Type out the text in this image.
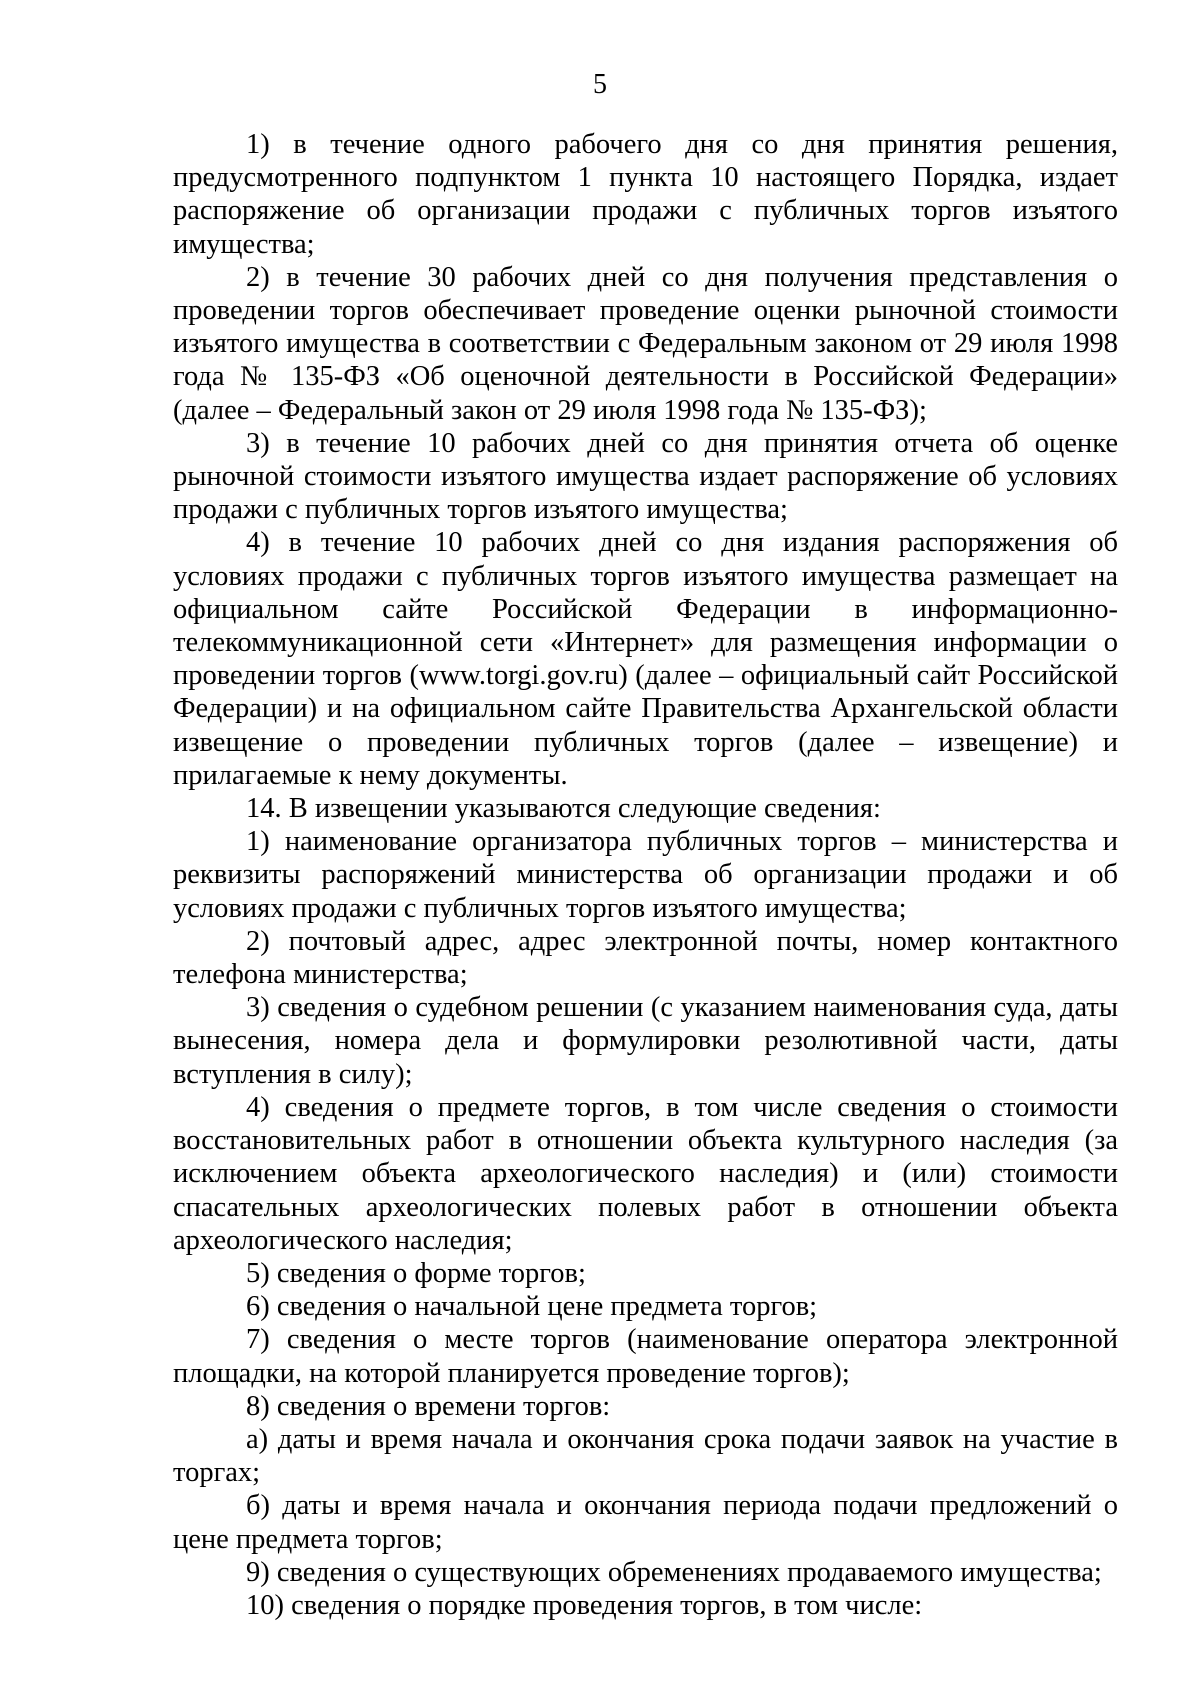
5

1) в течение одного рабочего дня со дня принятия решения, предусмотренного подпунктом 1 пункта 10 настоящего Порядка, издает распоряжение об организации продажи с публичных торгов изъятого имущества;

2) в течение 30 рабочих дней со дня получения представления о проведении торгов обеспечивает проведение оценки рыночной стоимости изъятого имущества в соответствии с Федеральным законом от 29 июля 1998 года № 135-ФЗ «Об оценочной деятельности в Российской Федерации» (далее – Федеральный закон от 29 июля 1998 года № 135-ФЗ);

3) в течение 10 рабочих дней со дня принятия отчета об оценке рыночной стоимости изъятого имущества издает распоряжение об условиях продажи с публичных торгов изъятого имущества;

4) в течение 10 рабочих дней со дня издания распоряжения об условиях продажи с публичных торгов изъятого имущества размещает на официальном сайте Российской Федерации в информационно-телекоммуникационной сети «Интернет» для размещения информации о проведении торгов (www.torgi.gov.ru) (далее – официальный сайт Российской Федерации) и на официальном сайте Правительства Архангельской области извещение о проведении публичных торгов (далее – извещение) и прилагаемые к нему документы.

14. В извещении указываются следующие сведения:

1) наименование организатора публичных торгов – министерства и реквизиты распоряжений министерства об организации продажи и об условиях продажи с публичных торгов изъятого имущества;

2) почтовый адрес, адрес электронной почты, номер контактного телефона министерства;

3) сведения о судебном решении (с указанием наименования суда, даты вынесения, номера дела и формулировки резолютивной части, даты вступления в силу);

4) сведения о предмете торгов, в том числе сведения о стоимости восстановительных работ в отношении объекта культурного наследия (за исключением объекта археологического наследия) и (или) стоимости спасательных археологических полевых работ в отношении объекта археологического наследия;

5) сведения о форме торгов;

6) сведения о начальной цене предмета торгов;

7) сведения о месте торгов (наименование оператора электронной площадки, на которой планируется проведение торгов);

8) сведения о времени торгов:

а) даты и время начала и окончания срока подачи заявок на участие в торгах;

б) даты и время начала и окончания периода подачи предложений о цене предмета торгов;

9) сведения о существующих обременениях продаваемого имущества;

10) сведения о порядке проведения торгов, в том числе:
